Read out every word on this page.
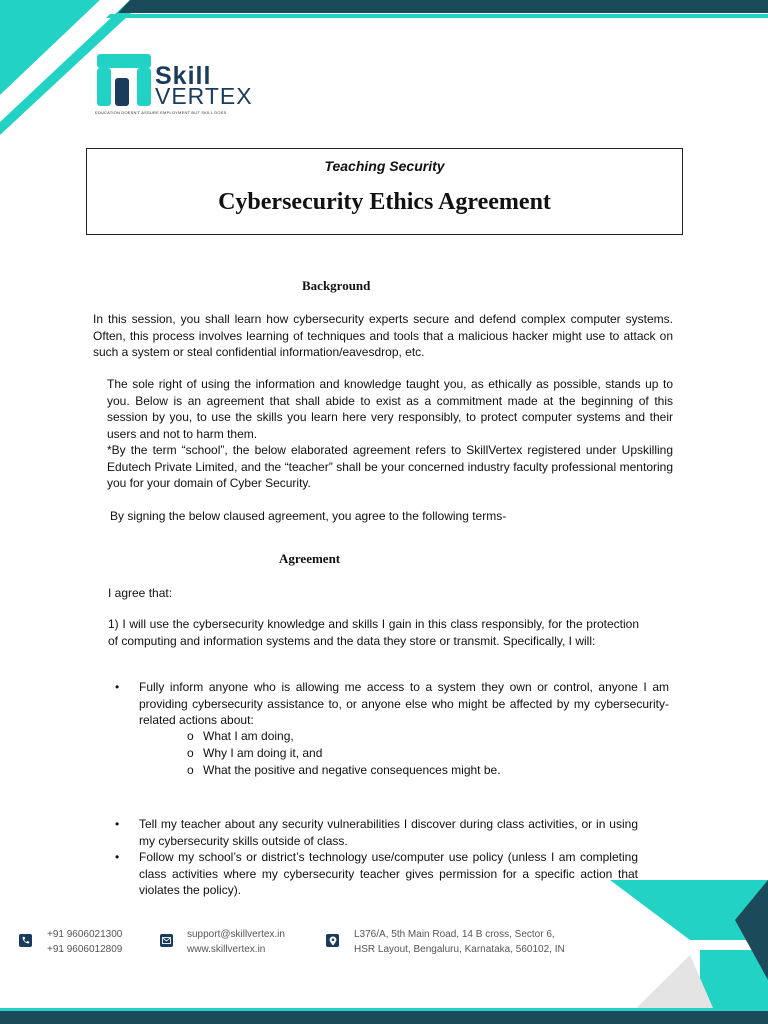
Skill
VERTEX
EDUCATION DOESN'T ASSURE EMPLOYMENT BUT SKILL DOES
Teaching Security
Cybersecurity Ethics Agreement
Background
In this session, you shall learn how cybersecurity experts secure and defend complex computer systems. Often, this process involves learning of techniques and tools that a malicious hacker might use to attack on such a system or steal confidential information/eavesdrop, etc.
The sole right of using the information and knowledge taught you, as ethically as possible, stands up to you. Below is an agreement that shall abide to exist as a commitment made at the beginning of this session by you, to use the skills you learn here very responsibly, to protect computer systems and their users and not to harm them.
*By the term “school”, the below elaborated agreement refers to SkillVertex registered under Upskilling Edutech Private Limited, and the “teacher” shall be your concerned industry faculty professional mentoring you for your domain of Cyber Security.
By signing the below claused agreement, you agree to the following terms-
Agreement
I agree that:
1) I will use the cybersecurity knowledge and skills I gain in this class responsibly, for the protection of computing and information systems and the data they store or transmit. Specifically, I will:
• Fully inform anyone who is allowing me access to a system they own or control, anyone I am providing cybersecurity assistance to, or anyone else who might be affected by my cybersecurity-related actions about:
o What I am doing,
o Why I am doing it, and
o What the positive and negative consequences might be.
• Tell my teacher about any security vulnerabilities I discover during class activities, or in using my cybersecurity skills outside of class.
• Follow my school’s or district’s technology use/computer use policy (unless I am completing class activities where my cybersecurity teacher gives permission for a specific action that violates the policy).
+91 9606021300
+91 9606012809
support@skillvertex.in
www.skillvertex.in
L376/A, 5th Main Road, 14 B cross, Sector 6,
HSR Layout, Bengaluru, Karnataka, 560102, IN
